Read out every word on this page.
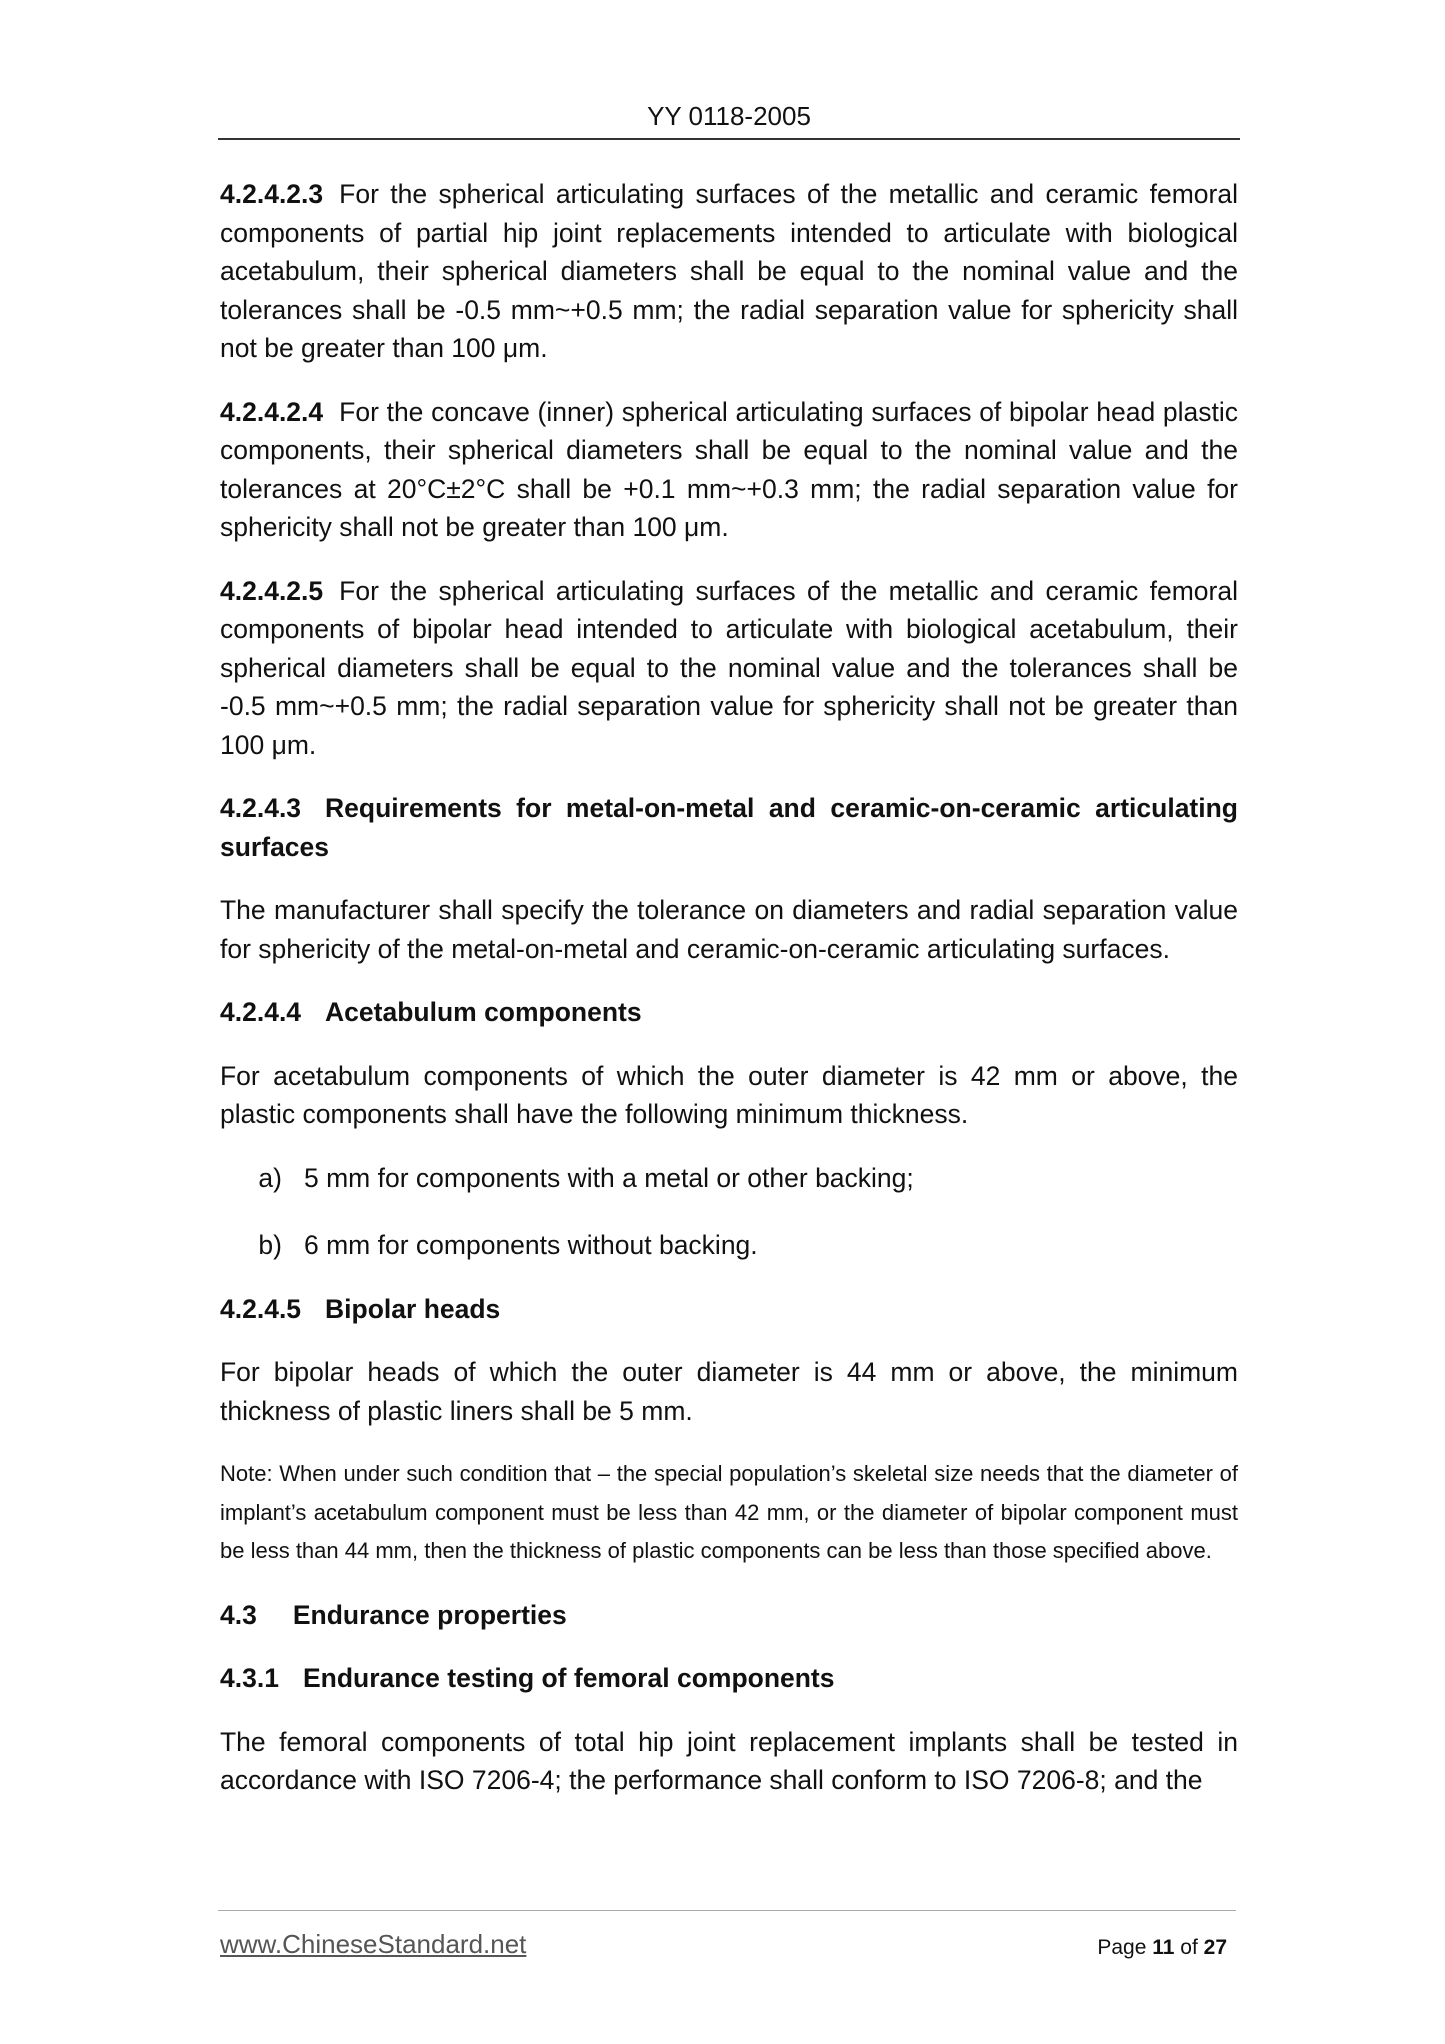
YY 0118-2005

4.2.4.2.3 For the spherical articulating surfaces of the metallic and ceramic femoral components of partial hip joint replacements intended to articulate with biological acetabulum, their spherical diameters shall be equal to the nominal value and the tolerances shall be -0.5 mm~+0.5 mm; the radial separation value for sphericity shall not be greater than 100 μm.

4.2.4.2.4 For the concave (inner) spherical articulating surfaces of bipolar head plastic components, their spherical diameters shall be equal to the nominal value and the tolerances at 20°C±2°C shall be +0.1 mm~+0.3 mm; the radial separation value for sphericity shall not be greater than 100 μm.

4.2.4.2.5 For the spherical articulating surfaces of the metallic and ceramic femoral components of bipolar head intended to articulate with biological acetabulum, their spherical diameters shall be equal to the nominal value and the tolerances shall be -0.5 mm~+0.5 mm; the radial separation value for sphericity shall not be greater than 100 μm.

4.2.4.3 Requirements for metal-on-metal and ceramic-on-ceramic articulating surfaces

The manufacturer shall specify the tolerance on diameters and radial separation value for sphericity of the metal-on-metal and ceramic-on-ceramic articulating surfaces.

4.2.4.4 Acetabulum components

For acetabulum components of which the outer diameter is 42 mm or above, the plastic components shall have the following minimum thickness.

a) 5 mm for components with a metal or other backing;
b) 6 mm for components without backing.

4.2.4.5 Bipolar heads

For bipolar heads of which the outer diameter is 44 mm or above, the minimum thickness of plastic liners shall be 5 mm.

Note: When under such condition that – the special population’s skeletal size needs that the diameter of implant’s acetabulum component must be less than 42 mm, or the diameter of bipolar component must be less than 44 mm, then the thickness of plastic components can be less than those specified above.

4.3 Endurance properties

4.3.1 Endurance testing of femoral components

The femoral components of total hip joint replacement implants shall be tested in accordance with ISO 7206-4; the performance shall conform to ISO 7206-8; and the

www.ChineseStandard.net	Page 11 of 27
